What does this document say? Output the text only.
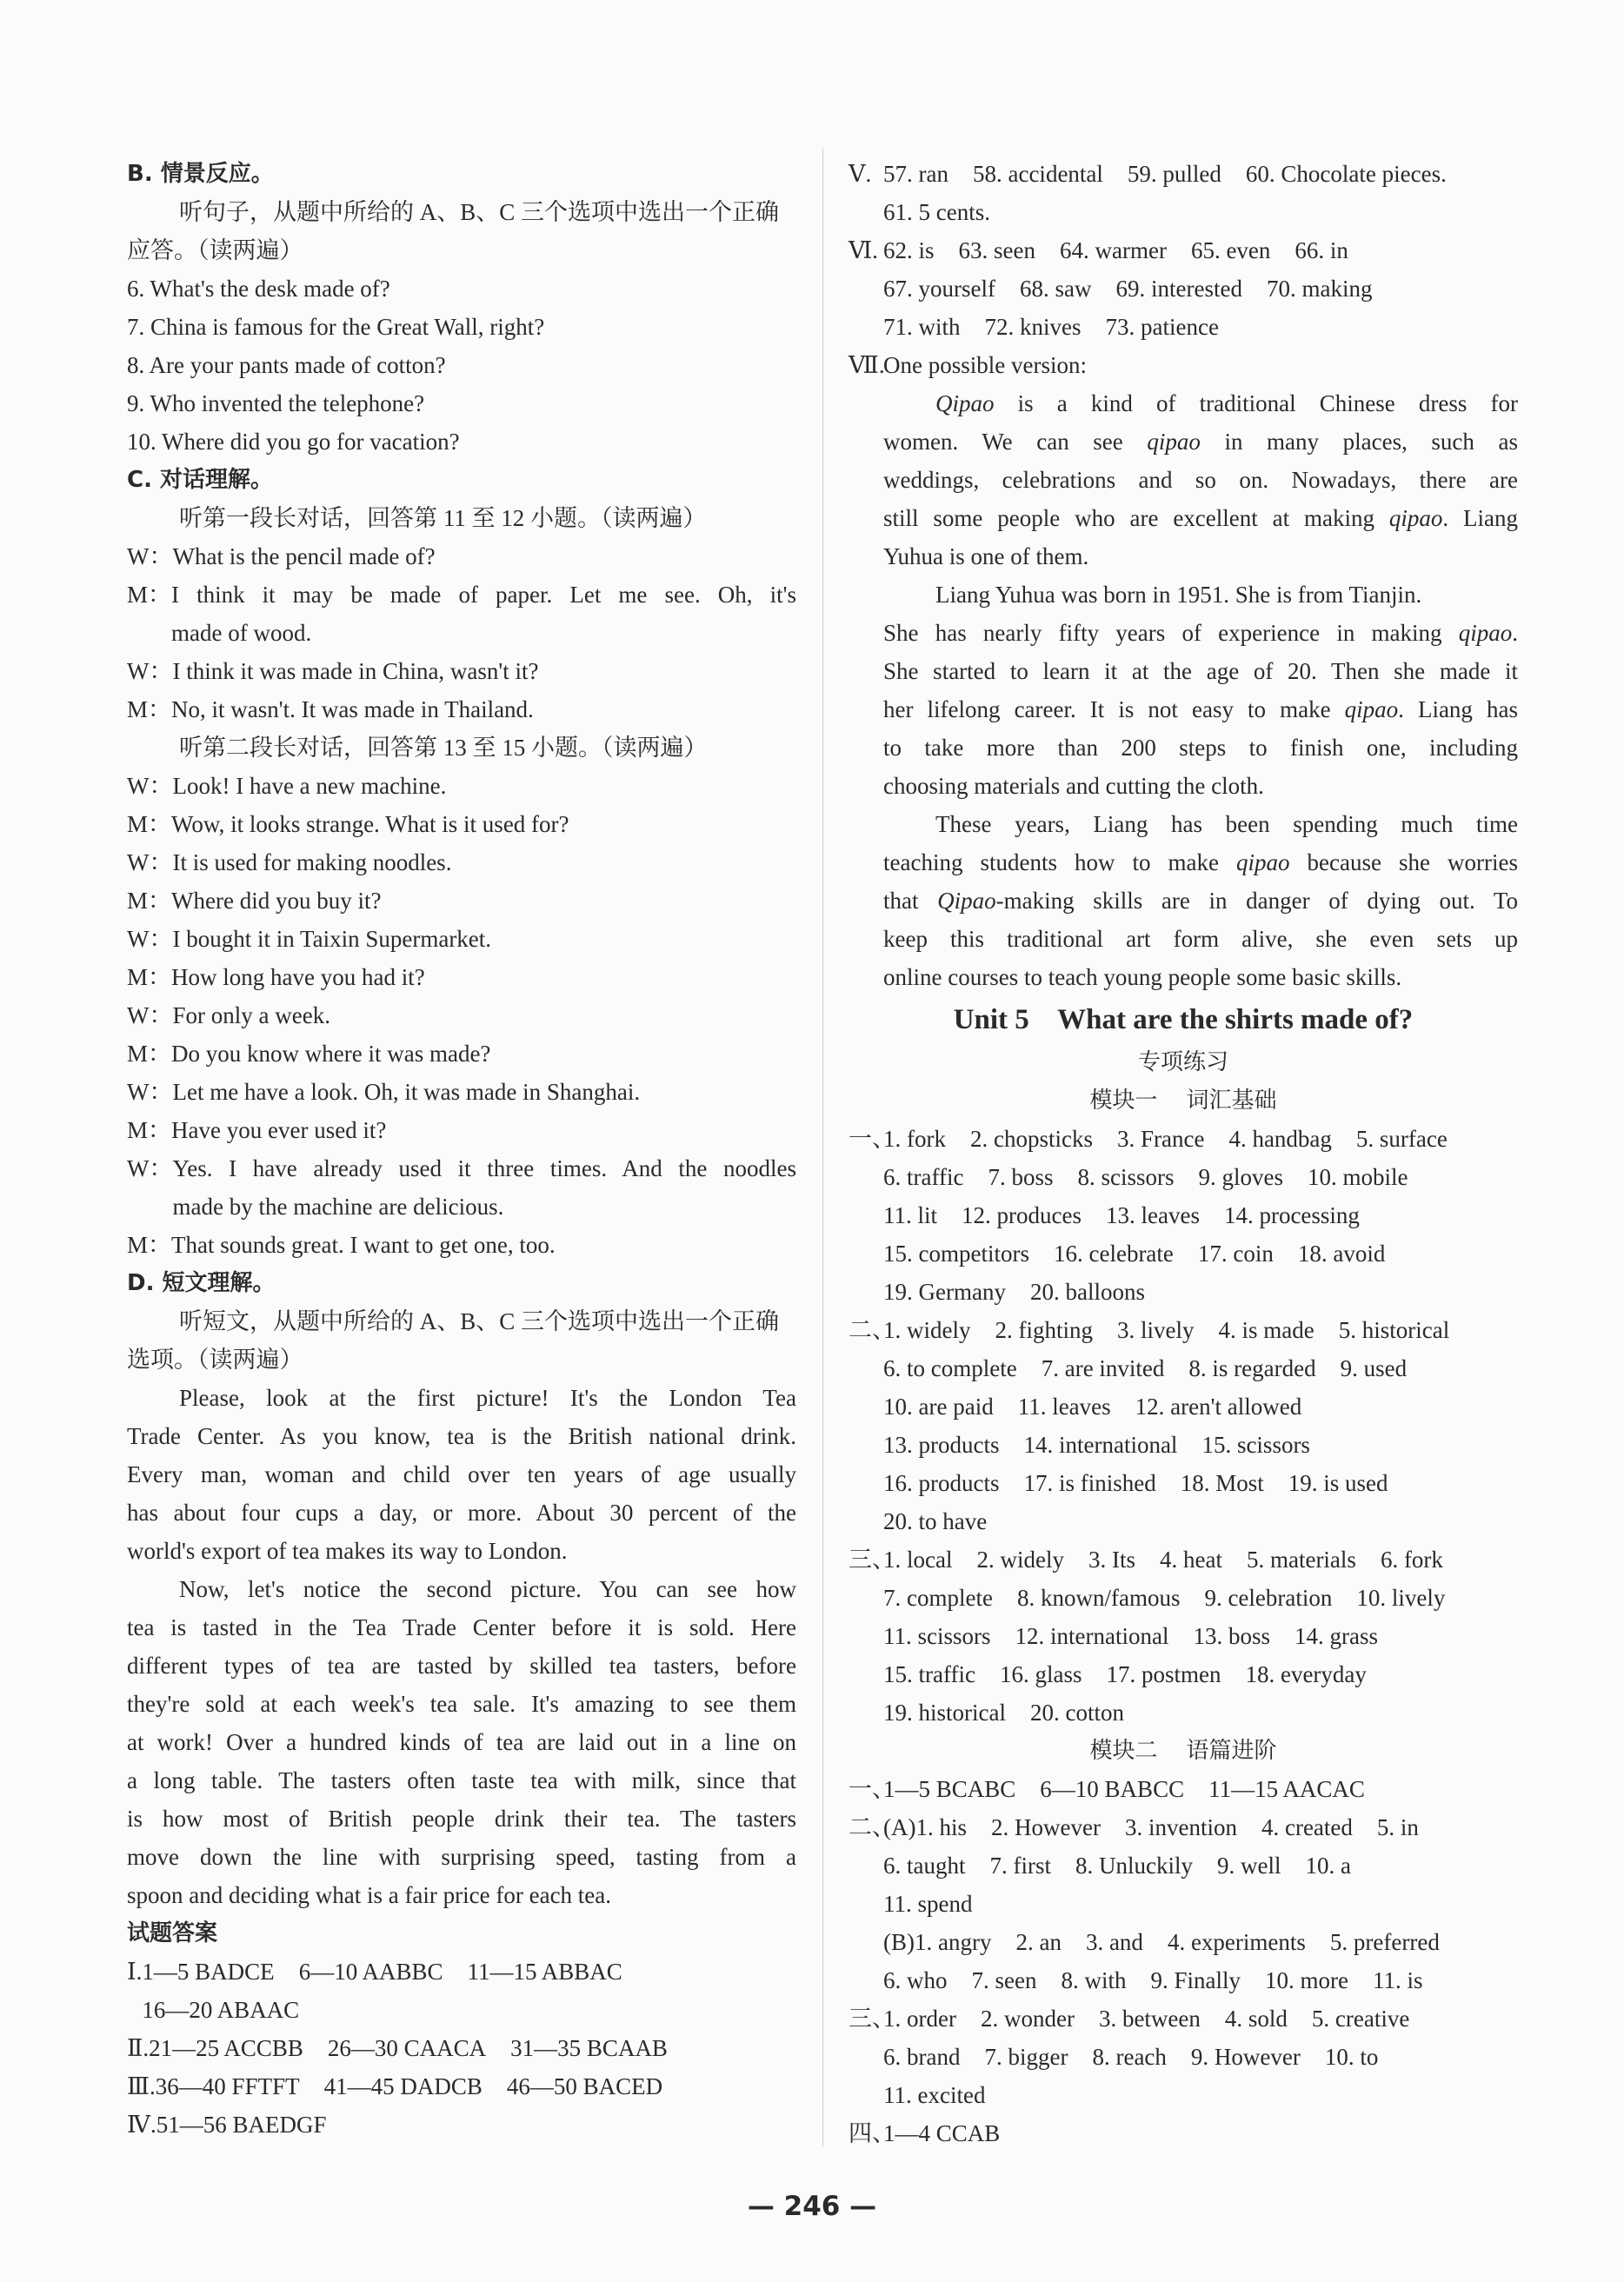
B. 情景反应。
听句子，从题中所给的 A、B、C 三个选项中选出一个正确
应答。（读两遍）
6. What's the desk made of?
7. China is famous for the Great Wall, right?
8. Are your pants made of cotton?
9. Who invented the telephone?
10. Where did you go for vacation?
C. 对话理解。
听第一段长对话，回答第 11 至 12 小题。（读两遍）
W： What is the pencil made of?
M： I think it may be made of paper. Let me see. Oh, it's
made of wood.
W： I think it was made in China, wasn't it?
M： No, it wasn't. It was made in Thailand.
听第二段长对话，回答第 13 至 15 小题。（读两遍）
W： Look! I have a new machine.
M： Wow, it looks strange. What is it used for?
W： It is used for making noodles.
M： Where did you buy it?
W： I bought it in Taixin Supermarket.
M： How long have you had it?
W： For only a week.
M： Do you know where it was made?
W： Let me have a look. Oh, it was made in Shanghai.
M： Have you ever used it?
W： Yes. I have already used it three times. And the noodles
made by the machine are delicious.
M： That sounds great. I want to get one, too.
D. 短文理解。
听短文，从题中所给的 A、B、C 三个选项中选出一个正确
选项。（读两遍）
Please, look at the first picture! It's the London Tea
Trade Center. As you know, tea is the British national drink.
Every man, woman and child over ten years of age usually
has about four cups a day, or more. About 30 percent of the
world's export of tea makes its way to London.
Now, let's notice the second picture. You can see how
tea is tasted in the Tea Trade Center before it is sold. Here
different types of tea are tasted by skilled tea tasters, before
they're sold at each week's tea sale. It's amazing to see them
at work! Over a hundred kinds of tea are laid out in a line on
a long table. The tasters often taste tea with milk, since that
is how most of British people drink their tea. The tasters
move down the line with surprising speed, tasting from a
spoon and deciding what is a fair price for each tea.
试题答案
Ⅰ. 1—5 BADCE 6—10 AABBC 11—15 ABBAC
16—20 ABAAC
Ⅱ. 21—25 ACCBB 26—30 CAACA 31—35 BCAAB
Ⅲ. 36—40 FFTFT 41—45 DADCB 46—50 BACED
Ⅳ. 51—56 BAEDGF
Ⅴ. 57. ran 58. accidental 59. pulled 60. Chocolate pieces.
61. 5 cents.
Ⅵ. 62. is 63. seen 64. warmer 65. even 66. in
67. yourself 68. saw 69. interested 70. making
71. with 72. knives 73. patience
Ⅶ.
One possible version:
Qipao is a kind of traditional Chinese dress for
women. We can see qipao in many places, such as
weddings, celebrations and so on. Nowadays, there are
still some people who are excellent at making qipao. Liang
Yuhua is one of them.
Liang Yuhua was born in 1951. She is from Tianjin.
She has nearly fifty years of experience in making qipao.
She started to learn it at the age of 20. Then she made it
her lifelong career. It is not easy to make qipao. Liang has
to take more than 200 steps to finish one, including
choosing materials and cutting the cloth.
These years, Liang has been spending much time
teaching students how to make qipao because she worries
that Qipao-making skills are in danger of dying out. To
keep this traditional art form alive, she even sets up
online courses to teach young people some basic skills.
Unit 5    What are the shirts made of?
专项练习
模块一    词汇基础
一、
1. fork 2. chopsticks 3. France 4. handbag 5. surface
6. traffic 7. boss 8. scissors 9. gloves 10. mobile
11. lit 12. produces 13. leaves 14. processing
15. competitors 16. celebrate 17. coin 18. avoid
19. Germany 20. balloons
二、
1. widely 2. fighting 3. lively 4. is made 5. historical
6. to complete 7. are invited 8. is regarded 9. used
10. are paid 11. leaves 12. aren't allowed
13. products 14. international 15. scissors
16. products 17. is finished 18. Most 19. is used
20. to have
三、
1. local 2. widely 3. Its 4. heat 5. materials 6. fork
7. complete 8. known/famous 9. celebration 10. lively
11. scissors 12. international 13. boss 14. grass
15. traffic 16. glass 17. postmen 18. everyday
19. historical 20. cotton
模块二    语篇进阶
一、
1—5 BCABC 6—10 BABCC 11—15 AACAC
二、
(A)1. his 2. However 3. invention 4. created 5. in
6. taught 7. first 8. Unluckily 9. well 10. a
11. spend
(B)1. angry 2. an 3. and 4. experiments 5. preferred
6. who 7. seen 8. with 9. Finally 10. more 11. is
三、
1. order 2. wonder 3. between 4. sold 5. creative
6. brand 7. bigger 8. reach 9. However 10. to
11. excited
四、
1—4 CCAB
— 246 —
